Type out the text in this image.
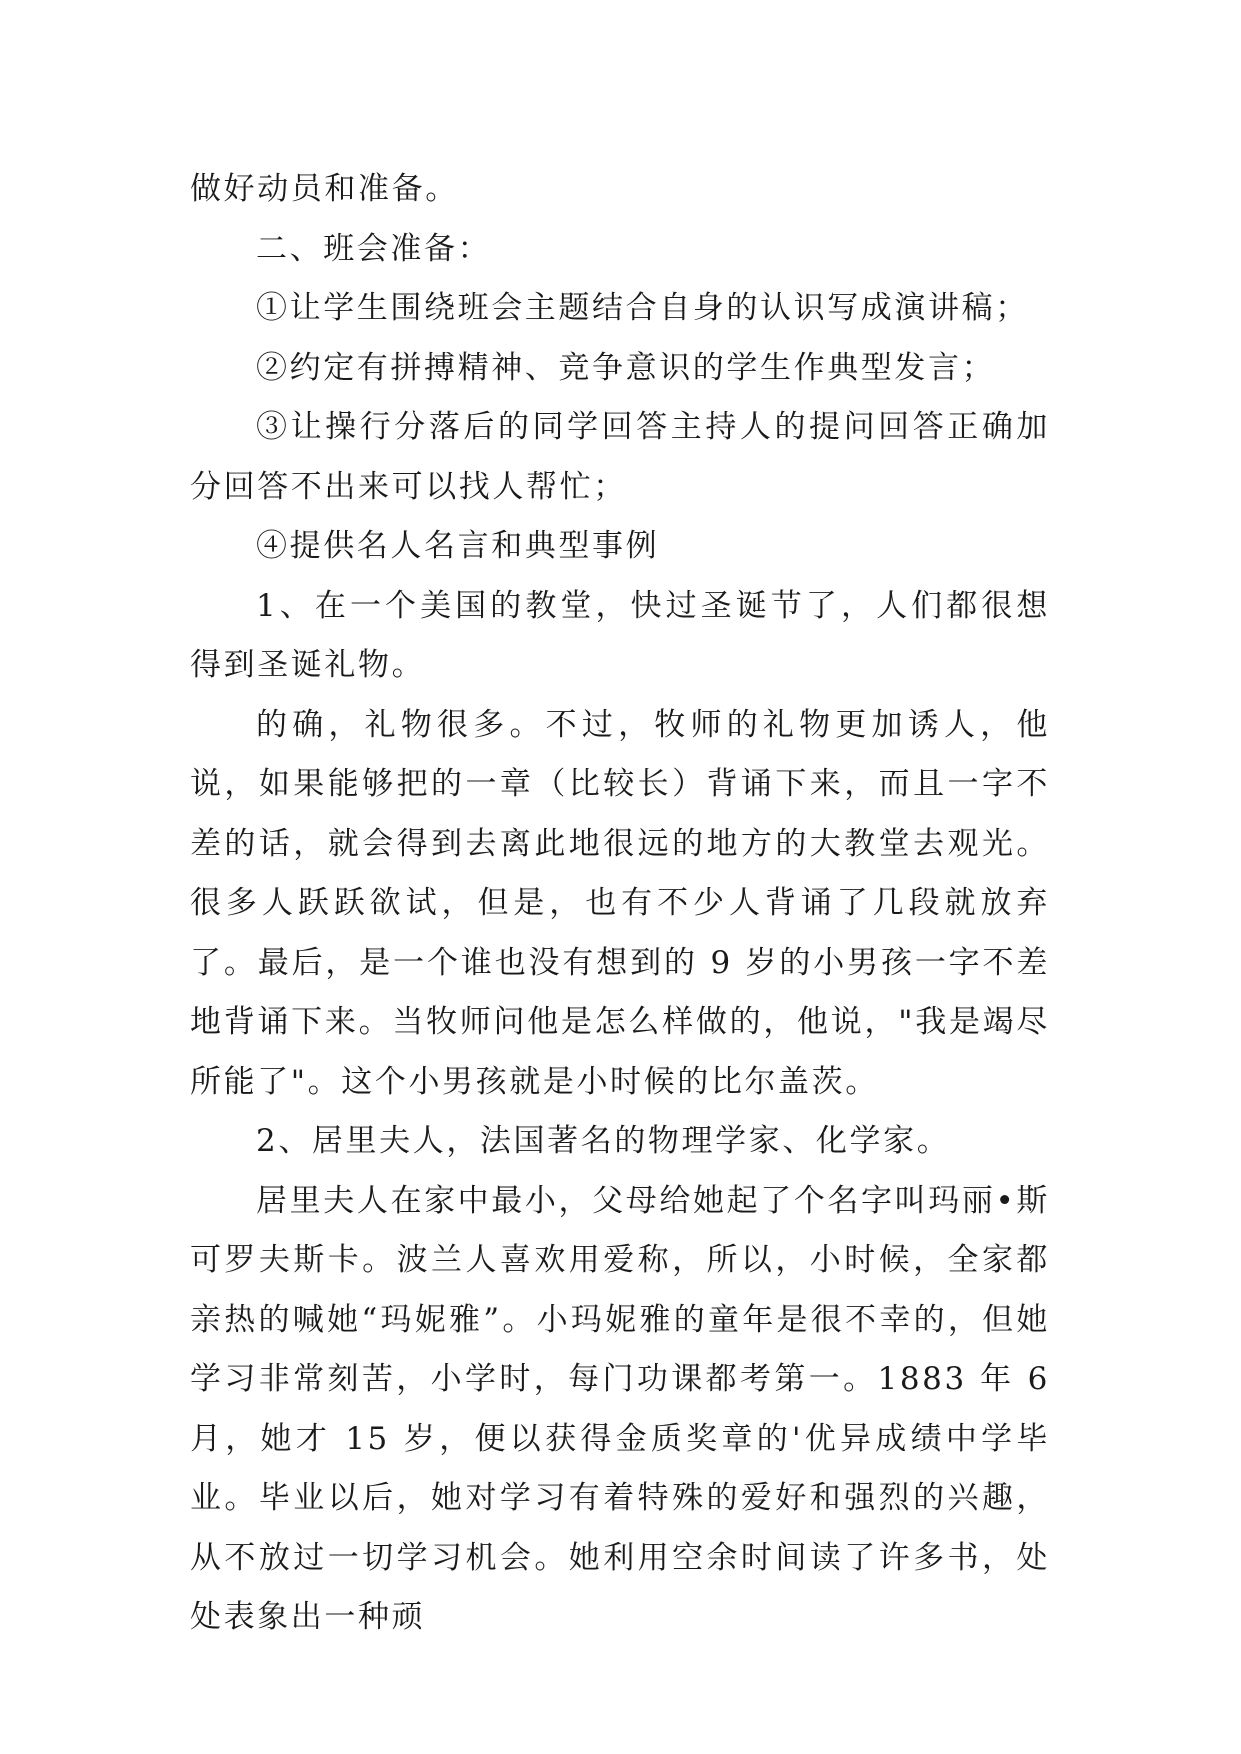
做好动员和准备。

二、班会准备：

①让学生围绕班会主题结合自身的认识写成演讲稿；

②约定有拼搏精神、竞争意识的学生作典型发言；

③让操行分落后的同学回答主持人的提问回答正确加分回答不出来可以找人帮忙；

④提供名人名言和典型事例

1、在一个美国的教堂，快过圣诞节了，人们都很想得到圣诞礼物。

的确，礼物很多。不过，牧师的礼物更加诱人，他说，如果能够把的一章（比较长）背诵下来，而且一字不差的话，就会得到去离此地很远的地方的大教堂去观光。很多人跃跃欲试，但是，也有不少人背诵了几段就放弃了。最后，是一个谁也没有想到的 9 岁的小男孩一字不差地背诵下来。当牧师问他是怎么样做的，他说，"我是竭尽所能了"。这个小男孩就是小时候的比尔盖茨。

2、居里夫人，法国著名的物理学家、化学家。

居里夫人在家中最小，父母给她起了个名字叫玛丽•斯可罗夫斯卡。波兰人喜欢用爱称，所以，小时候，全家都亲热的喊她“玛妮雅”。小玛妮雅的童年是很不幸的，但她学习非常刻苦，小学时，每门功课都考第一。1883 年 6 月，她才 15 岁，便以获得金质奖章的'优异成绩中学毕业。毕业以后，她对学习有着特殊的爱好和强烈的兴趣，从不放过一切学习机会。她利用空余时间读了许多书，处处表象出一种顽
